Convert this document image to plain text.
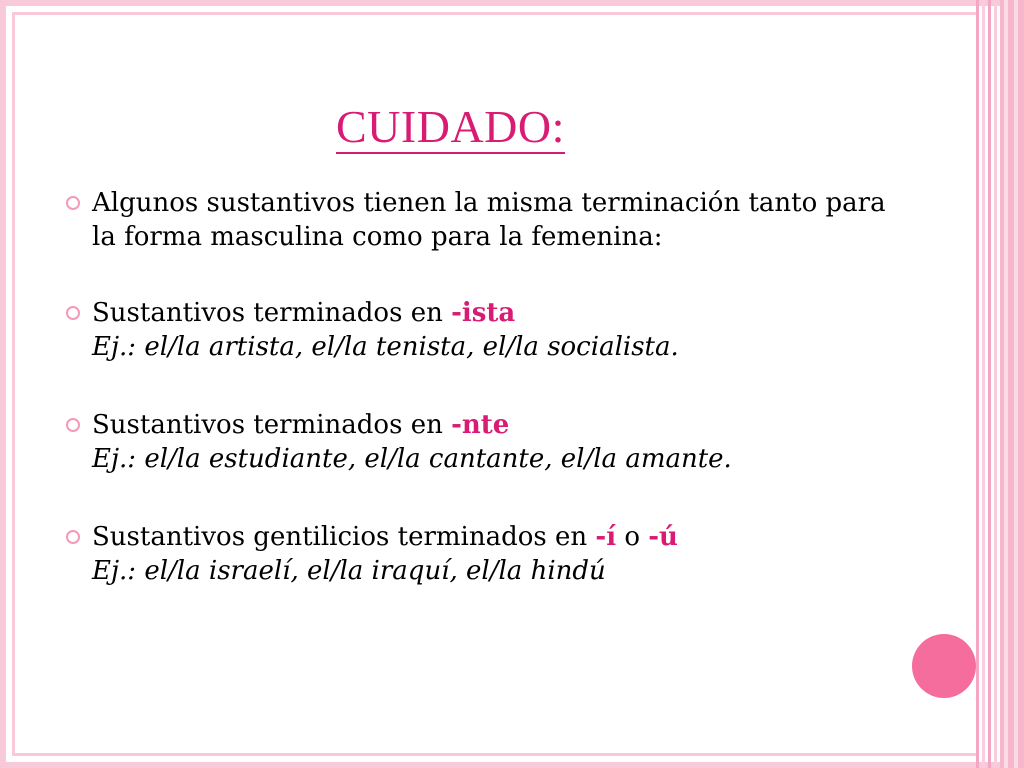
CUIDADO:
Algunos sustantivos tienen la misma terminación tanto para la forma masculina como para la femenina:
Sustantivos terminados en -ista
Ej.: el/la artista, el/la tenista, el/la socialista.
Sustantivos terminados en -nte
Ej.: el/la estudiante, el/la cantante, el/la amante.
Sustantivos gentilicios terminados en -í o -ú
Ej.: el/la israelí, el/la iraquí, el/la hindú
